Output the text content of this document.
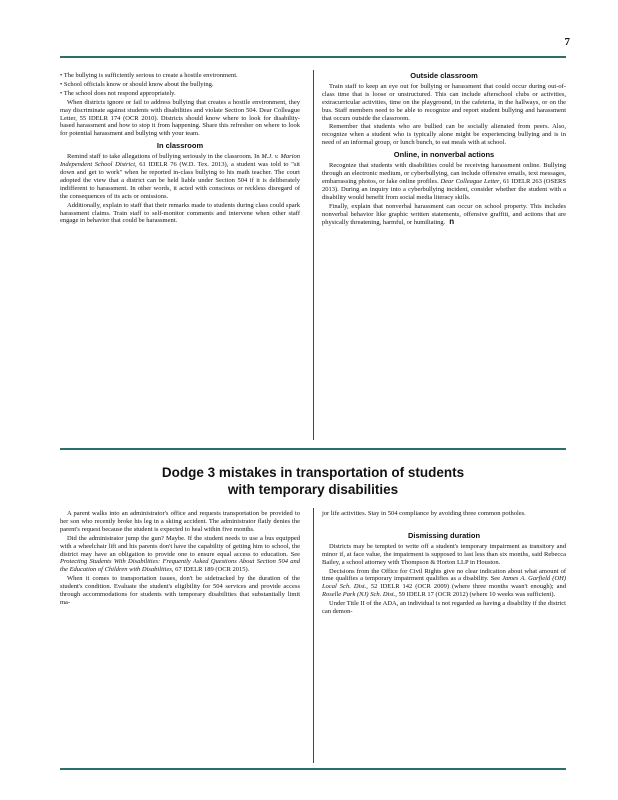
7

• The bullying is sufficiently serious to create a hostile environment.

• School officials know or should know about the bullying.

• The school does not respond appropriately.

When districts ignore or fail to address bullying that creates a hostile environment, they may discriminate against students with disabilities and violate Section 504. Dear Colleague Letter, 55 IDELR 174 (OCR 2010). Districts should know where to look for disability-based harassment and how to stop it from happening. Share this refresher on where to look for potential harassment and bullying with your team.

In classroom

Remind staff to take allegations of bullying seriously in the classroom. In M.J. v. Marion Independent School District, 61 IDELR 76 (W.D. Tex. 2013), a student was told to "sit down and get to work" when he reported in-class bullying to his math teacher. The court adopted the view that a district can be held liable under Section 504 if it is deliberately indifferent to harassment. In other words, it acted with conscious or reckless disregard of the consequences of its acts or omissions.

Additionally, explain to staff that their remarks made to students during class could spark harassment claims. Train staff to self-monitor comments and intervene when other staff engage in behavior that could be harassment.

Outside classroom

Train staff to keep an eye out for bullying or harassment that could occur during out-of-class time that is loose or unstructured. This can include afterschool clubs or activities, extracurricular activities, time on the playground, in the cafeteria, in the hallways, or on the bus. Staff members need to be able to recognize and report student bullying and harassment that occurs outside the classroom.

Remember that students who are bullied can be socially alienated from peers. Also, recognize when a student who is typically alone might be experiencing bullying and is in need of an informal group, or lunch bunch, to eat meals with at school.

Online, in nonverbal actions

Recognize that students with disabilities could be receiving harassment online. Bullying through an electronic medium, or cyberbullying, can include offensive emails, text messages, embarrassing photos, or fake online profiles. Dear Colleague Letter, 61 IDELR 263 (OSERS 2013). During an inquiry into a cyberbullying incident, consider whether the student with a disability would benefit from social media literacy skills.

Finally, explain that nonverbal harassment can occur on school property. This includes nonverbal behavior like graphic written statements, offensive graffiti, and actions that are physically threatening, harmful, or humiliating. n

Dodge 3 mistakes in transportation of students
with temporary disabilities

A parent walks into an administrator's office and requests transportation be provided to her son who recently broke his leg in a skiing accident. The administrator flatly denies the parent's request because the student is expected to heal within five months.

Did the administrator jump the gun? Maybe. If the student needs to use a bus equipped with a wheelchair lift and his parents don't have the capability of getting him to school, the district may have an obligation to provide one to ensure equal access to education. See Protecting Students With Disabilities: Frequently Asked Questions About Section 504 and the Education of Children with Disabilities, 67 IDELR 189 (OCR 2015).

When it comes to transportation issues, don't be sidetracked by the duration of the student's condition. Evaluate the student's eligibility for 504 services and provide access through accommodations for students with temporary disabilities that substantially limit ma-

jor life activities. Stay in 504 compliance by avoiding three common potholes.

Dismissing duration

Districts may be tempted to write off a student's temporary impairment as transitory and minor if, at face value, the impairment is supposed to last less than six months, said Rebecca Bailey, a school attorney with Thompson & Horton LLP in Houston.

Decisions from the Office for Civil Rights give no clear indication about what amount of time qualifies a temporary impairment qualifies as a disability. See James A. Garfield (OH) Local Sch. Dist., 52 IDELR 142 (OCR 2009) (where three months wasn't enough); and Roselle Park (NJ) Sch. Dist., 59 IDELR 17 (OCR 2012) (where 10 weeks was sufficient).

Under Title II of the ADA, an individual is not regarded as having a disability if the district can demon-
